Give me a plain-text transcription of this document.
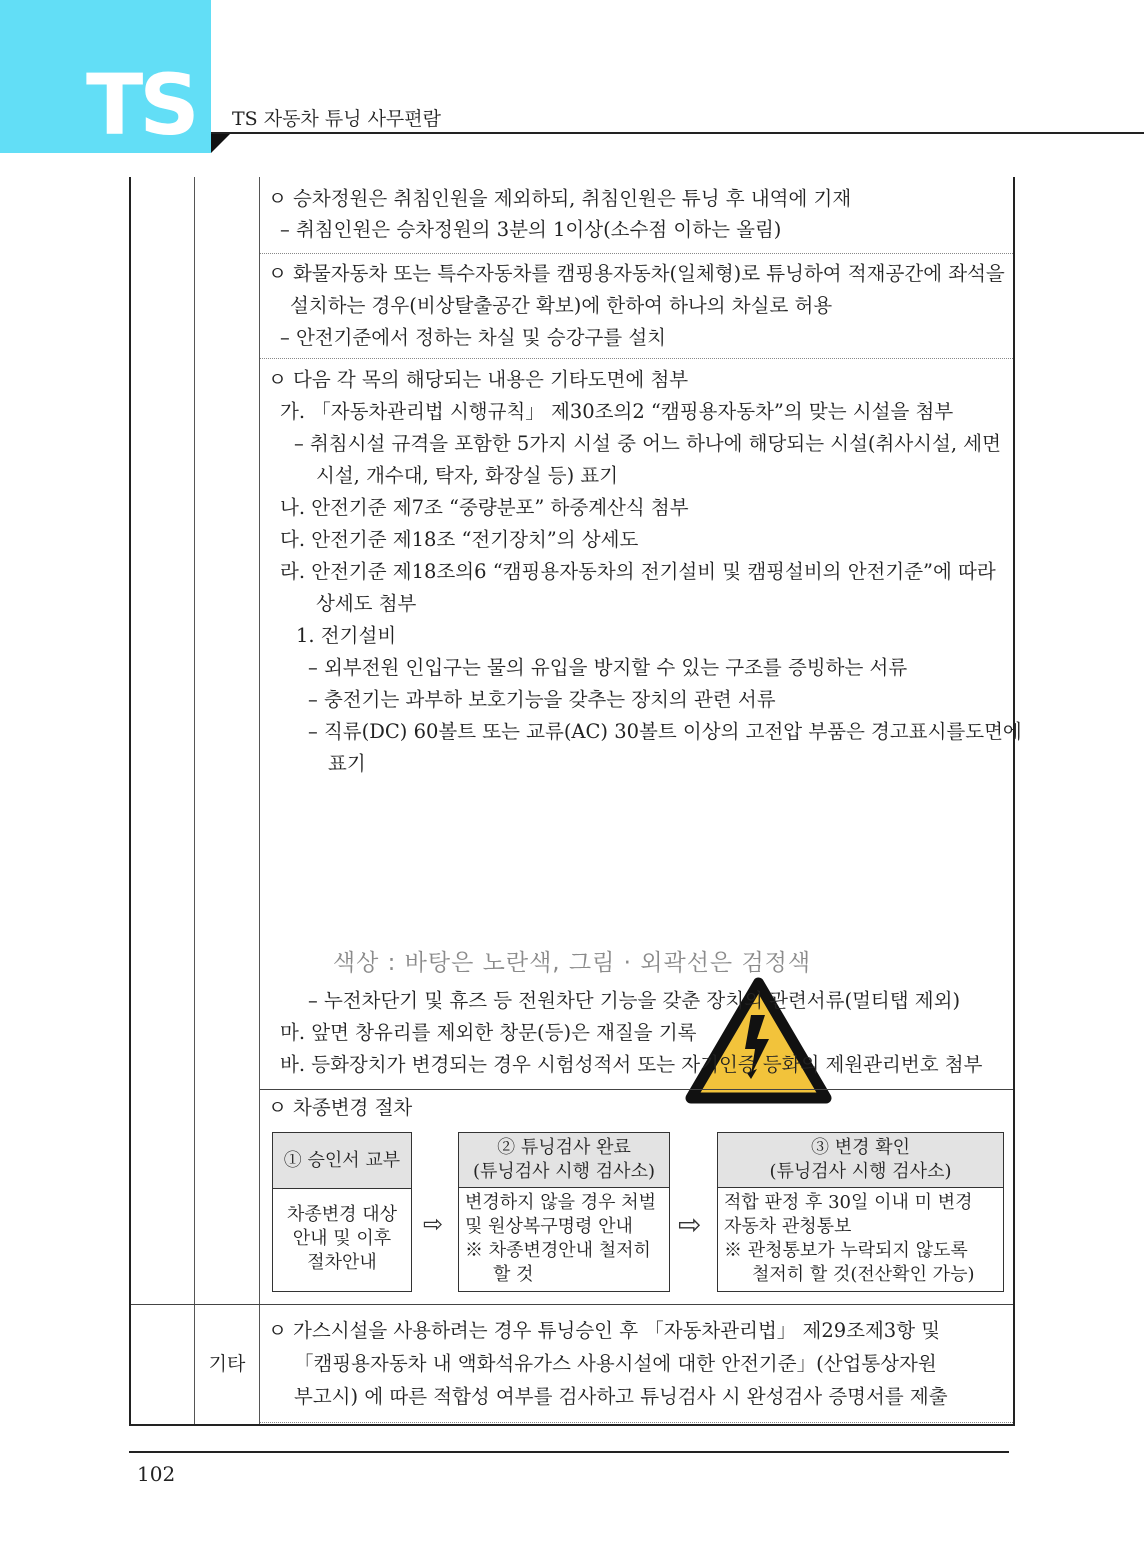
TS TS 자동차 튜닝 사무편람
ㅇ 승차정원은 취침인원을 제외하되, 취침인원은 튜닝 후 내역에 기재
– 취침인원은 승차정원의 3분의 1이상(소수점 이하는 올림)
ㅇ 화물자동차 또는 특수자동차를 캠핑용자동차(일체형)로 튜닝하여 적재공간에 좌석을
설치하는 경우(비상탈출공간 확보)에 한하여 하나의 차실로 허용
– 안전기준에서 정하는 차실 및 승강구를 설치
ㅇ 다음 각 목의 해당되는 내용은 기타도면에 첨부
가. 「자동차관리법 시행규칙」 제30조의2 “캠핑용자동차”의 맞는 시설을 첨부
– 취침시설 규격을 포함한 5가지 시설 중 어느 하나에 해당되는 시설(취사시설, 세면
시설, 개수대, 탁자, 화장실 등) 표기
나. 안전기준 제7조 “중량분포” 하중계산식 첨부
다. 안전기준 제18조 “전기장치”의 상세도
라. 안전기준 제18조의6 “캠핑용자동차의 전기설비 및 캠핑설비의 안전기준”에 따라
상세도 첨부
1. 전기설비
– 외부전원 인입구는 물의 유입을 방지할 수 있는 구조를 증빙하는 서류
– 충전기는 과부하 보호기능을 갖추는 장치의 관련 서류
– 직류(DC) 60볼트 또는 교류(AC) 30볼트 이상의 고전압 부품은 경고표시를도면에
표기
색상 : 바탕은 노란색, 그림 · 외곽선은 검정색
– 누전차단기 및 휴즈 등 전원차단 기능을 갖춘 장치의 관련서류(멀티탭 제외)
마. 앞면 창유리를 제외한 창문(등)은 재질을 기록
바. 등화장치가 변경되는 경우 시험성적서 또는 자기인증 등화의 제원관리번호 첨부
ㅇ 차종변경 절차
① 승인서 교부
차종변경 대상
안내 및 이후
절차안내
⇨
② 튜닝검사 완료
(튜닝검사 시행 검사소)
변경하지 않을 경우 처벌
및 원상복구명령 안내
※ 차종변경안내 철저히
할 것
⇨
③ 변경 확인
(튜닝검사 시행 검사소)
적합 판정 후 30일 이내 미 변경
자동차 관청통보
※ 관청통보가 누락되지 않도록
철저히 할 것(전산확인 가능)
기타
ㅇ 가스시설을 사용하려는 경우 튜닝승인 후 「자동차관리법」 제29조제3항 및
「캠핑용자동차 내 액화석유가스 사용시설에 대한 안전기준」(산업통상자원
부고시) 에 따른 적합성 여부를 검사하고 튜닝검사 시 완성검사 증명서를 제출
102
